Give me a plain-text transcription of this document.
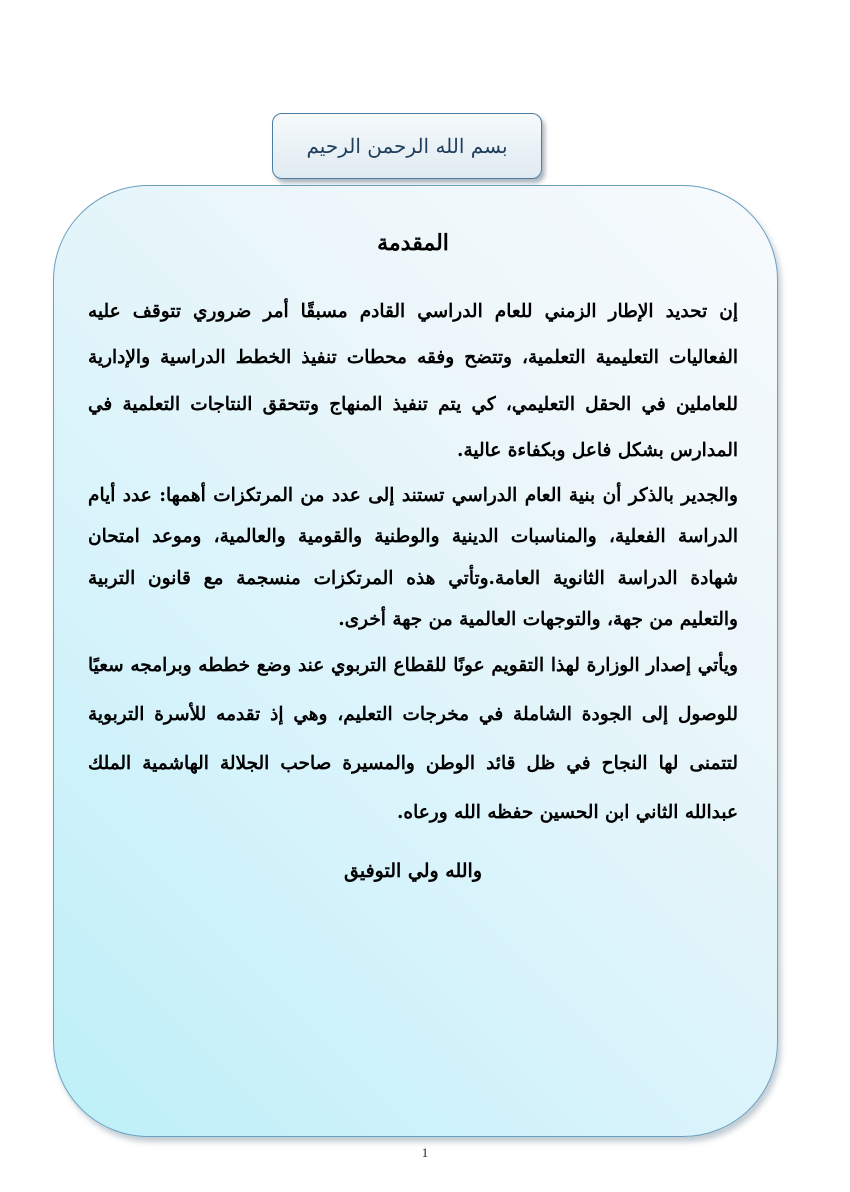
بسم الله الرحمن الرحيم
المقدمة

إن تحديد الإطار الزمني للعام الدراسي القادم مسبقًا أمر ضروري تتوقف عليه الفعاليات التعليمية التعلمية، وتتضح وفقه محطات تنفيذ الخطط الدراسية والإدارية للعاملين في الحقل التعليمي، كي يتم تنفيذ المنهاج وتتحقق النتاجات التعلمية في المدارس بشكل فاعل وبكفاءة عالية.

والجدير بالذكر أن بنية العام الدراسي تستند إلى عدد من المرتكزات أهمها: عدد أيام الدراسة الفعلية، والمناسبات الدينية والوطنية والقومية والعالمية، وموعد امتحان شهادة الدراسة الثانوية العامة.وتأتي هذه المرتكزات منسجمة مع قانون التربية والتعليم من جهة، والتوجهات العالمية من جهة أخرى.

ويأتي إصدار الوزارة لهذا التقويم عونًا للقطاع التربوي عند وضع خططه وبرامجه سعيًا للوصول إلى الجودة الشاملة في مخرجات التعليم، وهي إذ تقدمه للأسرة التربوية لتتمنى لها النجاح في ظل قائد الوطن والمسيرة صاحب الجلالة الهاشمية الملك عبدالله الثاني ابن الحسين حفظه الله ورعاه.

والله ولي التوفيق
1
